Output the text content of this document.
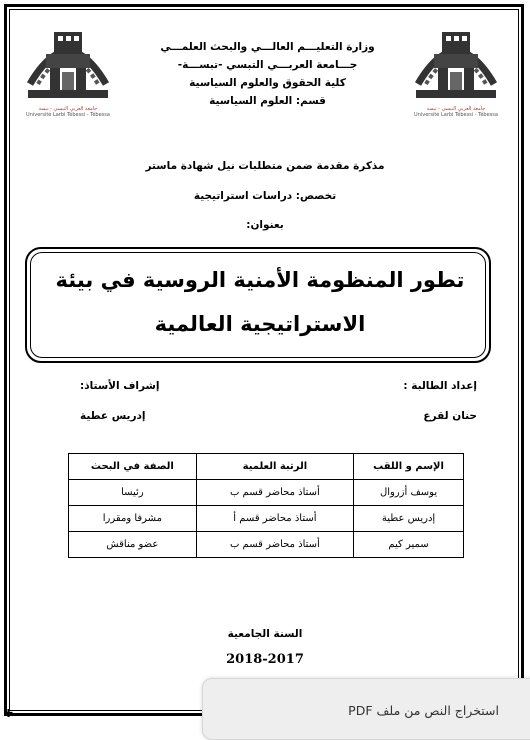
جامعة العربي التبسي - تبسة
Université Larbi Tébessi - Tébessa
جامعة العربي التبسي - تبسة
Université Larbi Tébessi - Tébessa
وزارة التعليـــم العالـــي والبحث العلمـــي
جـــامعة العربـــي التبسي -تبســـة-
كلية الحقوق والعلوم السياسية
قسم: العلوم السياسية
مذكرة مقدمة ضمن متطلبات نيل شهادة ماستر
تخصص: دراسات استراتيجية
بعنوان:
تطور المنظومة الأمنية الروسية في بيئة
الاستراتيجية العالمية
إعداد الطالبة :
حنان لقرع
إشراف الأستاذ:
إدريس عطية
الإسم و اللقب	الرتبة العلمية	الصفة في البحث
يوسف أزروال	أستاذ محاضر قسم ب	رئيسا
إدريس عطية	أستاذ محاضر قسم أ	مشرفا ومقررا
سمير كيم	أستاذ محاضر قسم ب	عضو مناقش
السنة الجامعية
2018-2017
استخراج النص من ملف PDF
✚
